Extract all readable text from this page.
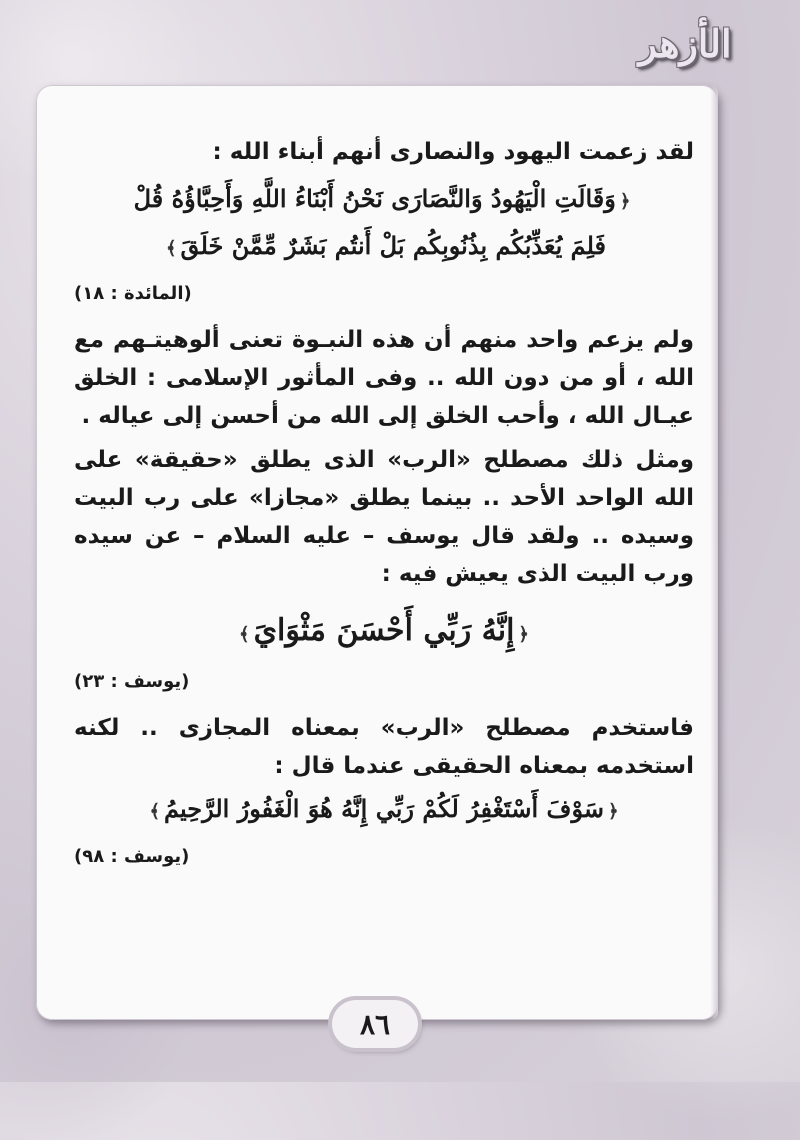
الأزهر

لقد زعمت اليهود والنصارى أنهم أبناء الله :

﴿وَقَالَتِ الْيَهُودُ وَالنَّصَارَى نَحْنُ أَبْنَاءُ اللَّهِ وَأَحِبَّاؤُهُ قُلْ
فَلِمَ يُعَذِّبُكُم بِذُنُوبِكُم بَلْ أَنتُم بَشَرٌ مِّمَّنْ خَلَقَ﴾
(المائدة : ١٨)

ولم يزعم واحد منهم أن هذه النبـوة تعنى ألوهيتـهم مع الله ، أو من دون الله .. وفى المأثور الإسلامى : الخلق عيـال الله ، وأحب الخلق إلى الله من أحسن إلى عياله .

ومثل ذلك مصطلح «الرب» الذى يطلق «حقيقة» على الله الواحد الأحد .. بينما يطلق «مجازا» على رب البيت وسيده .. ولقد قال يوسف – عليه السلام – عن سيده ورب البيت الذى يعيش فيه :

﴿إِنَّهُ رَبِّي أَحْسَنَ مَثْوَايَ﴾
(يوسف : ٢٣)

فاستخدم مصطلح «الرب» بمعناه المجازى .. لكنه استخدمه بمعناه الحقيقى عندما قال :

﴿سَوْفَ أَسْتَغْفِرُ لَكُمْ رَبِّي إِنَّهُ هُوَ الْغَفُورُ الرَّحِيمُ﴾
(يوسف : ٩٨)
٨٦
